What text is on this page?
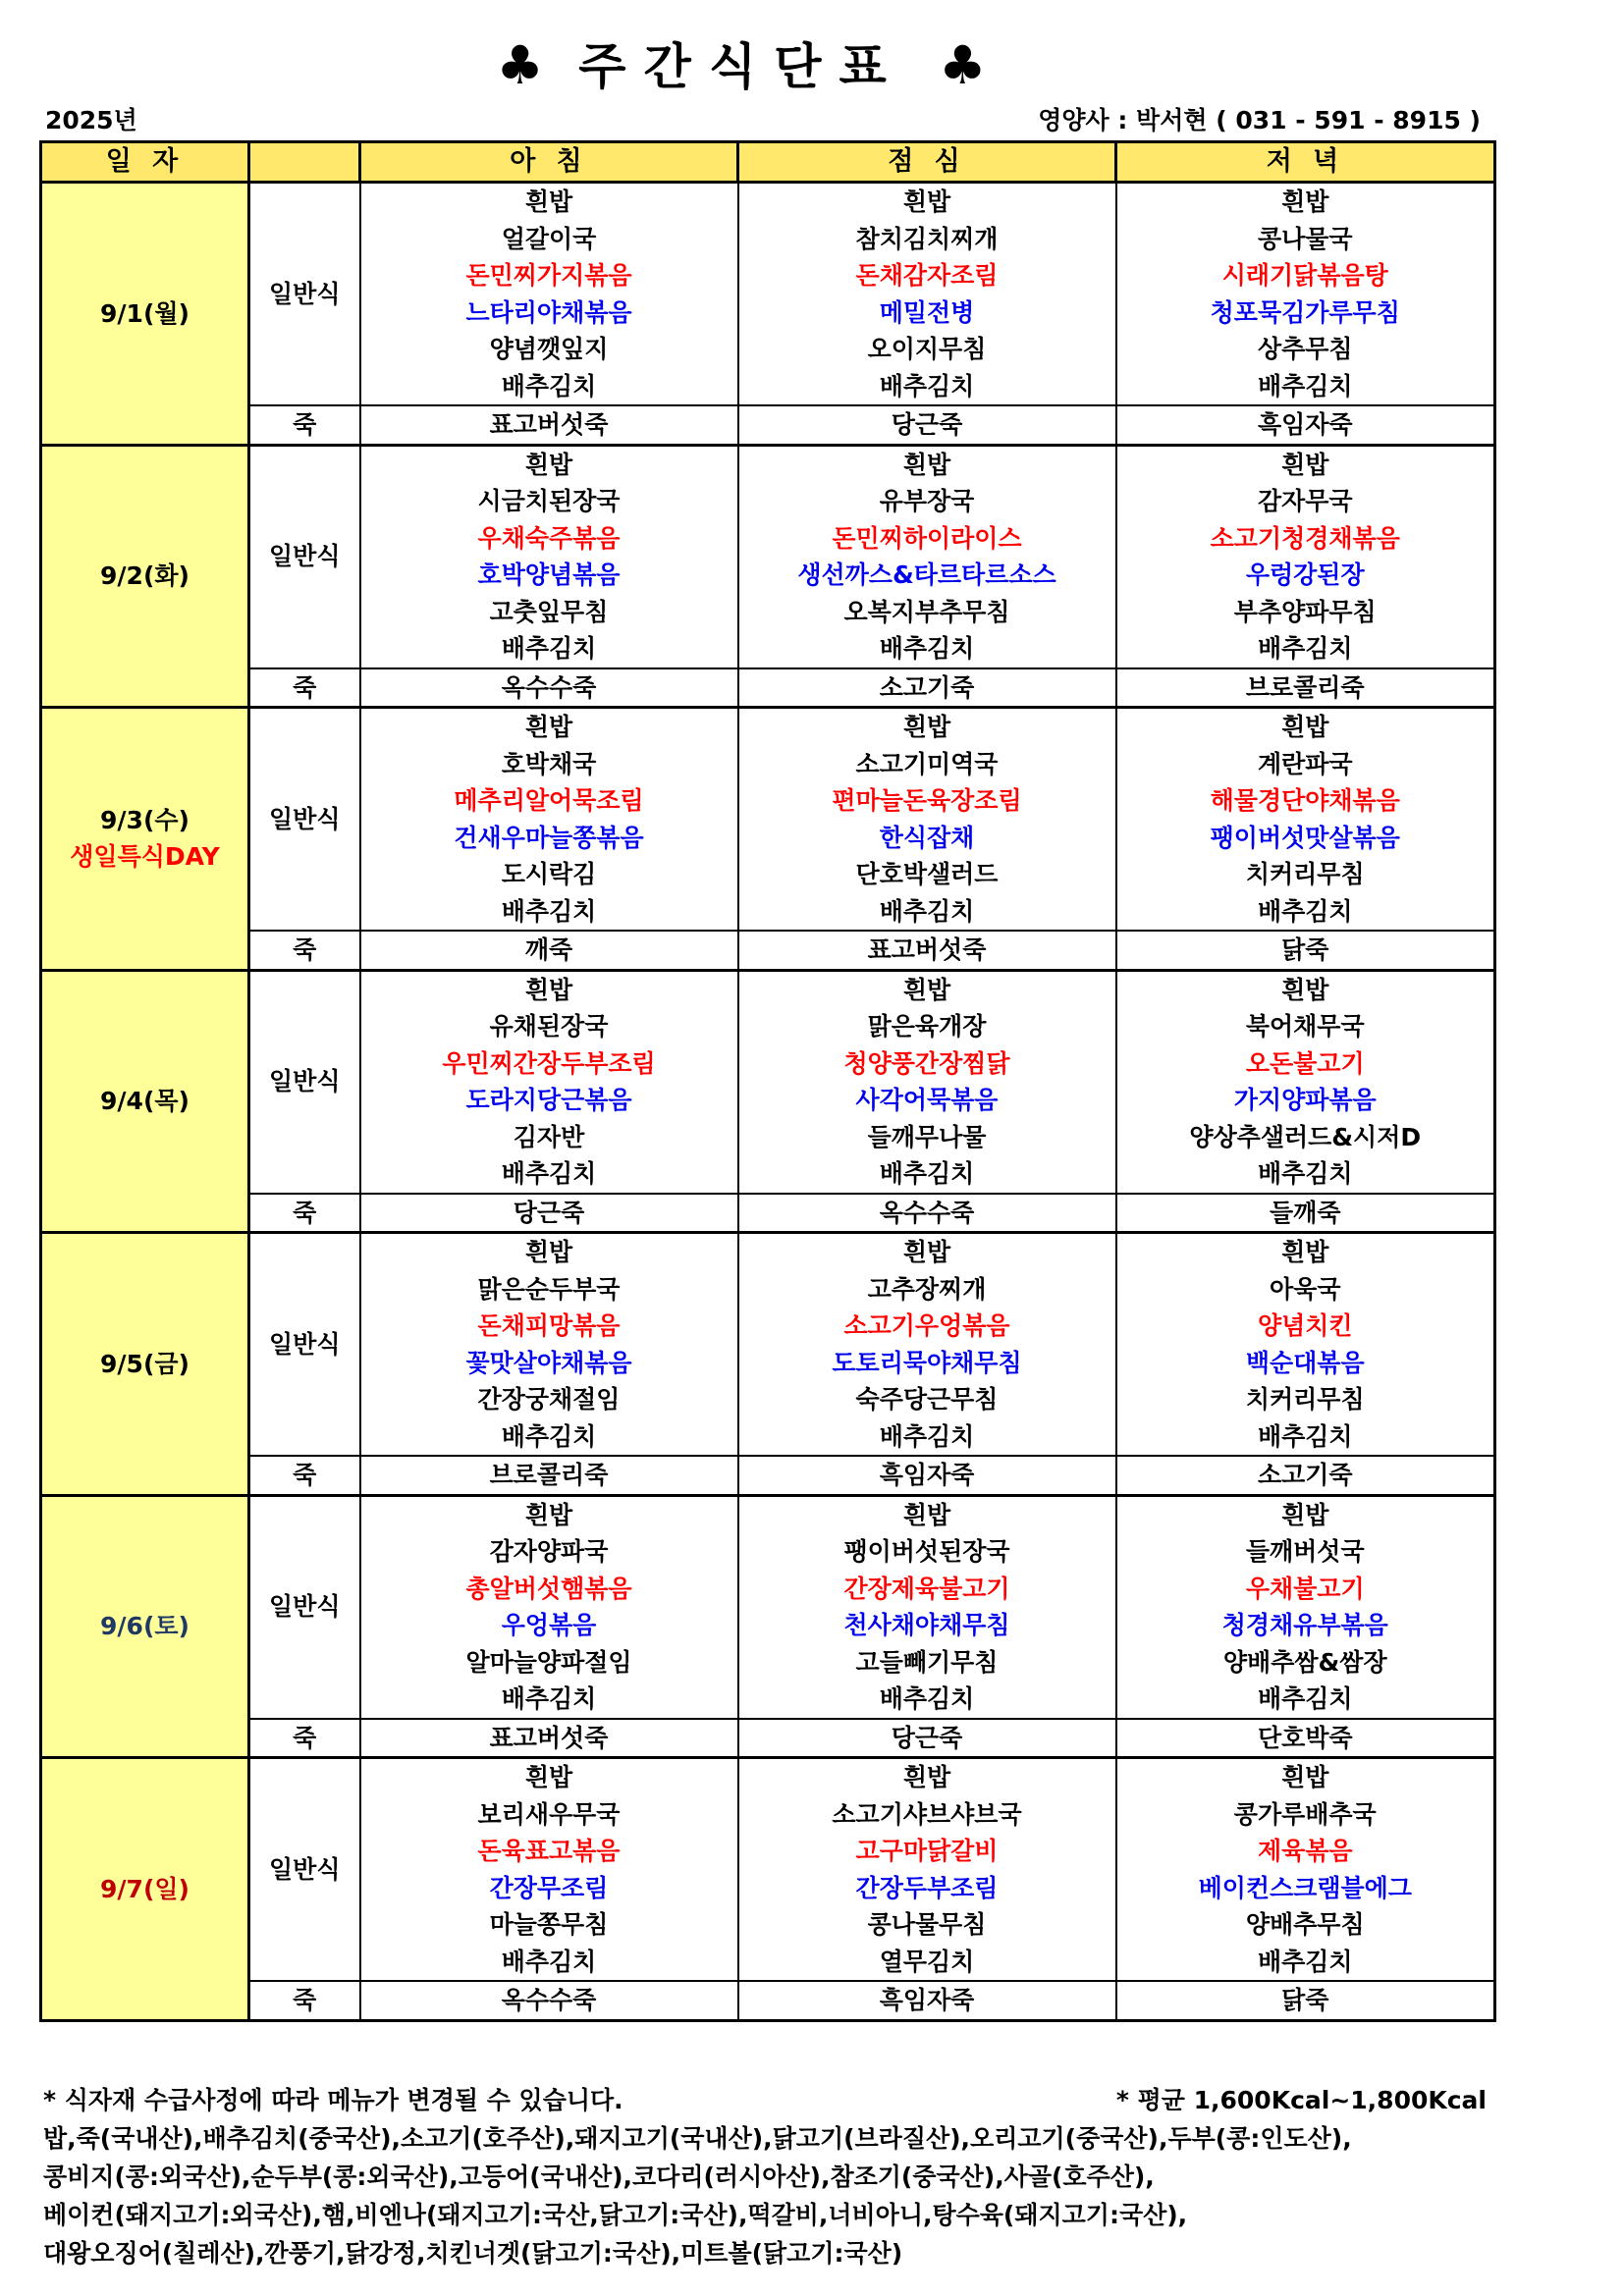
♣ 주간식단표 ♣
2025년	영양사 : 박서현 ( 031 - 591 - 8915 )
일 자		아 침	점 심	저 녁
9/1(월)	일반식	흰밥	흰밥	흰밥
		얼갈이국	참치김치찌개	콩나물국
		돈민찌가지볶음	돈채감자조림	시래기닭볶음탕
		느타리야채볶음	메밀전병	청포묵김가루무침
		양념깻잎지	오이지무침	상추무침
		배추김치	배추김치	배추김치
	죽	표고버섯죽	당근죽	흑임자죽
9/2(화)	일반식	흰밥	흰밥	흰밥
		시금치된장국	유부장국	감자무국
		우채숙주볶음	돈민찌하이라이스	소고기청경채볶음
		호박양념볶음	생선까스&타르타르소스	우렁강된장
		고춧잎무침	오복지부추무침	부추양파무침
		배추김치	배추김치	배추김치
	죽	옥수수죽	소고기죽	브로콜리죽
9/3(수)
생일특식DAY	일반식	흰밥	흰밥	흰밥
		호박채국	소고기미역국	계란파국
		메추리알어묵조림	편마늘돈육장조림	해물경단야채볶음
		건새우마늘쫑볶음	한식잡채	팽이버섯맛살볶음
		도시락김	단호박샐러드	치커리무침
		배추김치	배추김치	배추김치
	죽	깨죽	표고버섯죽	닭죽
9/4(목)	일반식	흰밥	흰밥	흰밥
		유채된장국	맑은육개장	북어채무국
		우민찌간장두부조림	청양풍간장찜닭	오돈불고기
		도라지당근볶음	사각어묵볶음	가지양파볶음
		김자반	들깨무나물	양상추샐러드&시저D
		배추김치	배추김치	배추김치
	죽	당근죽	옥수수죽	들깨죽
9/5(금)	일반식	흰밥	흰밥	흰밥
		맑은순두부국	고추장찌개	아욱국
		돈채피망볶음	소고기우엉볶음	양념치킨
		꽃맛살야채볶음	도토리묵야채무침	백순대볶음
		간장궁채절임	숙주당근무침	치커리무침
		배추김치	배추김치	배추김치
	죽	브로콜리죽	흑임자죽	소고기죽
9/6(토)	일반식	흰밥	흰밥	흰밥
		감자양파국	팽이버섯된장국	들깨버섯국
		총알버섯햄볶음	간장제육불고기	우채불고기
		우엉볶음	천사채야채무침	청경채유부볶음
		알마늘양파절임	고들빼기무침	양배추쌈&쌈장
		배추김치	배추김치	배추김치
	죽	표고버섯죽	당근죽	단호박죽
9/7(일)	일반식	흰밥	흰밥	흰밥
		보리새우무국	소고기샤브샤브국	콩가루배추국
		돈육표고볶음	고구마닭갈비	제육볶음
		간장무조림	간장두부조림	베이컨스크램블에그
		마늘쫑무침	콩나물무침	양배추무침
		배추김치	열무김치	배추김치
	죽	옥수수죽	흑임자죽	닭죽
* 식자재 수급사정에 따라 메뉴가 변경될 수 있습니다.	* 평균 1,600Kcal~1,800Kcal
밥,죽(국내산),배추김치(중국산),소고기(호주산),돼지고기(국내산),닭고기(브라질산),오리고기(중국산),두부(콩:인도산),
콩비지(콩:외국산),순두부(콩:외국산),고등어(국내산),코다리(러시아산),참조기(중국산),사골(호주산),
베이컨(돼지고기:외국산),햄,비엔나(돼지고기:국산,닭고기:국산),떡갈비,너비아니,탕수육(돼지고기:국산),
대왕오징어(칠레산),깐풍기,닭강정,치킨너겟(닭고기:국산),미트볼(닭고기:국산)
